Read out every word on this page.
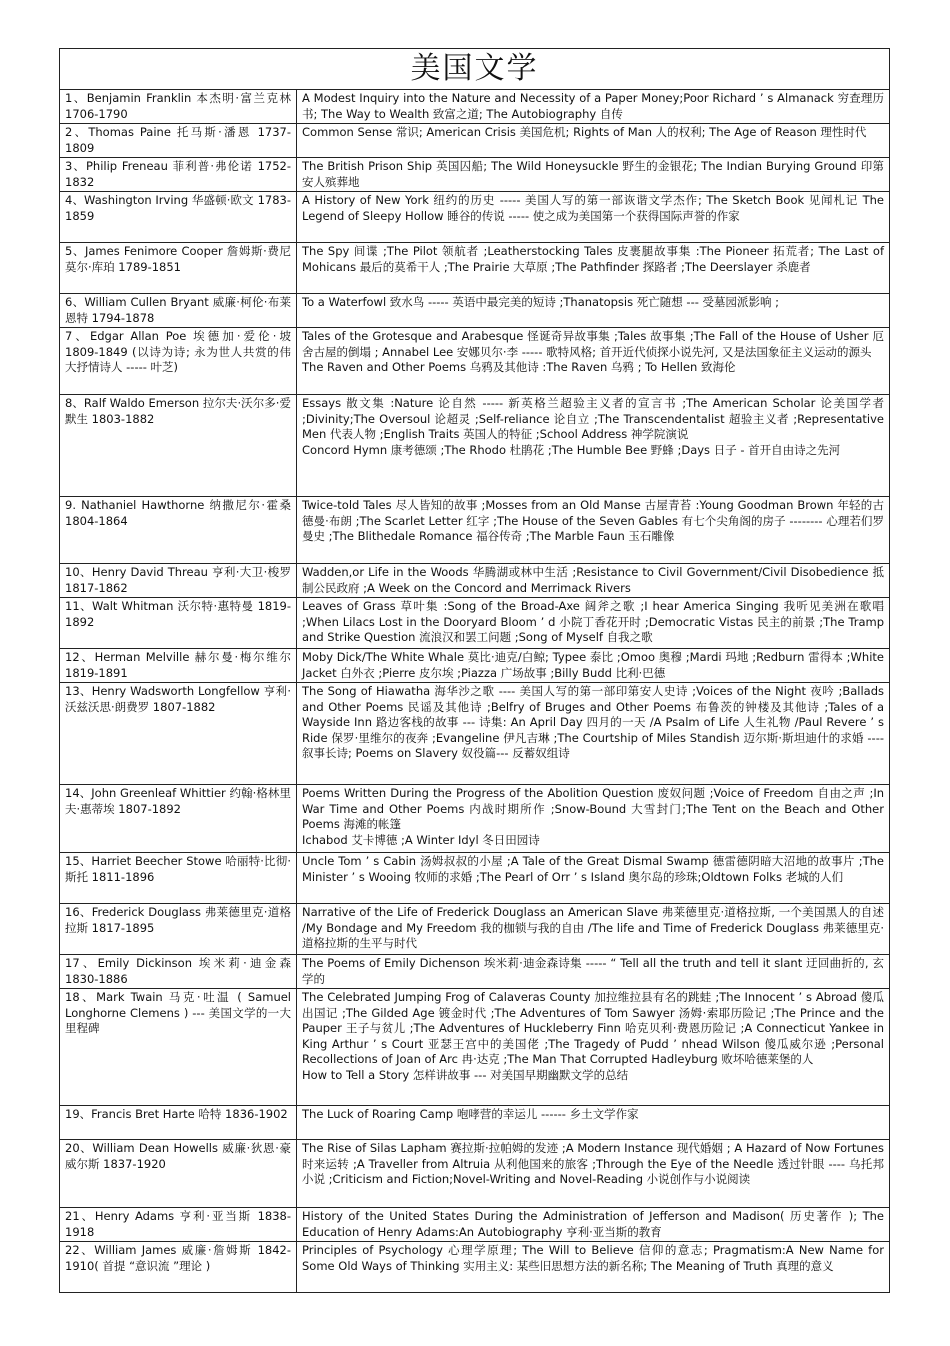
美国文学
1、Benjamin Franklin 本杰明·富兰克林 1706-1790	A Modest Inquiry into the Nature and Necessity of a Paper Money;Poor Richard ’ s Almanack 穷查理历书; The Way to Wealth 致富之道; The Autobiography 自传

2、Thomas Paine 托马斯·潘恩 1737-1809	Common Sense 常识; American Crisis 美国危机; Rights of Man 人的权利; The Age of Reason 理性时代

3、Philip Freneau 菲利普·弗伦诺 1752-1832	The British Prison Ship 英国囚船; The Wild Honeysuckle 野生的金银花; The Indian Burying Ground 印第安人殡葬地

4、Washington Irving 华盛顿·欧文 1783-1859	A History of New York 纽约的历史 ----- 美国人写的第一部诙谐文学杰作; The Sketch Book 见闻札记 The Legend of Sleepy Hollow 睡谷的传说 ----- 使之成为美国第一个获得国际声誉的作家

5、James Fenimore Cooper 詹姆斯·费尼莫尔·库珀 1789-1851	The Spy 间谍 ;The Pilot 领航者 ;Leatherstocking Tales 皮裹腿故事集 :The Pioneer 拓荒者; The Last of Mohicans 最后的莫希干人 ;The Prairie 大草原 ;The Pathfinder 探路者 ;The Deerslayer 杀鹿者

6、William Cullen Bryant 威廉·柯伦·布莱恩特 1794-1878	To a Waterfowl 致水鸟 ----- 英语中最完美的短诗 ;Thanatopsis 死亡随想 --- 受墓园派影响 ;

7、Edgar Allan Poe 埃德加·爱伦·坡 1809-1849 (以诗为诗; 永为世人共赏的伟大抒情诗人 ----- 叶芝)	Tales of the Grotesque and Arabesque 怪诞奇异故事集 ;Tales 故事集 ;The Fall of the House of Usher 厄舍古屋的倒塌 ; Annabel Lee 安娜贝尔·李 ----- 歌特风格; 首开近代侦探小说先河, 又是法国象征主义运动的源头
The Raven and Other Poems 乌鸦及其他诗 :The Raven 乌鸦 ; To Hellen 致海伦

8、Ralf Waldo Emerson 拉尔夫·沃尔多·爱默生 1803-1882	Essays 散文集 :Nature 论自然 ----- 新英格兰超验主义者的宣言书 ;The American Scholar 论美国学者 ;Divinity;The Oversoul 论超灵 ;Self-reliance 论自立 ;The Transcendentalist 超验主义者 ;Representative Men 代表人物 ;English Traits 英国人的特征 ;School Address 神学院演说
Concord Hymn 康考德颂 ;The Rhodo 杜鹃花 ;The Humble Bee 野蜂 ;Days 日子 - 首开自由诗之先河

9. Nathaniel Hawthorne 纳撒尼尔·霍桑 1804-1864	Twice-told Tales 尽人皆知的故事 ;Mosses from an Old Manse 古屋青苔 :Young Goodman Brown 年轻的古德曼·布朗 ;The Scarlet Letter 红字 ;The House of the Seven Gables 有七个尖角阁的房子 -------- 心理若们罗曼史 ;The Blithedale Romance 福谷传奇 ;The Marble Faun 玉石雕像

10、Henry David Threau 亨利·大卫·梭罗 1817-1862	Wadden,or Life in the Woods 华腾湖或林中生活 ;Resistance to Civil Government/Civil Disobedience 抵制公民政府 ;A Week on the Concord and Merrimack Rivers

11、Walt Whitman 沃尔特·惠特曼 1819-1892	Leaves of Grass 草叶集 :Song of the Broad-Axe 阔斧之歌 ;I hear America Singing 我听见美洲在歌唱 ;When Lilacs Lost in the Dooryard Bloom ’ d 小院丁香花开时 ;Democratic Vistas 民主的前景 ;The Tramp and Strike Question 流浪汉和罢工问题 ;Song of Myself 自我之歌

12、Herman Melville 赫尔曼·梅尔维尔 1819-1891	Moby Dick/The White Whale 莫比·迪克/白鲸; Typee 泰比 ;Omoo 奥穆 ;Mardi 玛地 ;Redburn 雷得本 ;White Jacket 白外衣 ;Pierre 皮尔埃 ;Piazza 广场故事 ;Billy Budd 比利·巴德

13、Henry Wadsworth Longfellow 亨利·沃兹沃思·朗费罗 1807-1882	The Song of Hiawatha 海华沙之歌 ---- 美国人写的第一部印第安人史诗 ;Voices of the Night 夜吟 ;Ballads and Other Poems 民谣及其他诗 ;Belfry of Bruges and Other Poems 布鲁茨的钟楼及其他诗 ;Tales of a Wayside Inn 路边客栈的故事 --- 诗集: An April Day 四月的一天 /A Psalm of Life 人生礼物 /Paul Revere ’ s Ride 保罗·里维尔的夜奔 ;Evangeline 伊凡吉琳 ;The Courtship of Miles Standish 迈尔斯·斯坦迪什的求婚 ---- 叙事长诗; Poems on Slavery 奴役篇--- 反蓄奴组诗

14、John Greenleaf Whittier 约翰·格林里夫·惠蒂埃 1807-1892	Poems Written During the Progress of the Abolition Question 废奴问题 ;Voice of Freedom 自由之声 ;In War Time and Other Poems 内战时期所作 ;Snow-Bound 大雪封门;The Tent on the Beach and Other Poems 海滩的帐篷
Ichabod 艾卡博德 ;A Winter Idyl 冬日田园诗

15、Harriet Beecher Stowe 哈丽特·比彻·斯托 1811-1896	Uncle Tom ’ s Cabin 汤姆叔叔的小屋 ;A Tale of the Great Dismal Swamp 德雷德阴暗大沼地的故事片 ;The Minister ’ s Wooing 牧师的求婚 ;The Pearl of Orr ’ s Island 奥尔岛的珍珠;Oldtown Folks 老城的人们

16、Frederick Douglass 弗莱德里克·道格拉斯 1817-1895	Narrative of the Life of Frederick Douglass an American Slave 弗莱德里克·道格拉斯, 一个美国黑人的自述 /My Bondage and My Freedom 我的枷锁与我的自由 /The life and Time of Frederick Douglass 弗莱德里克·道格拉斯的生平与时代

17、Emily Dickinson 埃米莉·迪金森 1830-1886	The Poems of Emily Dichenson 埃米莉·迪金森诗集 ----- “ Tell all the truth and tell it slant 迂回曲折的, 玄学的

18、Mark Twain 马克·吐温 ( Samuel Longhorne Clemens ) --- 美国文学的一大里程碑	The Celebrated Jumping Frog of Calaveras County 加拉维拉县有名的跳蛙 ;The Innocent ’ s Abroad 傻瓜出国记 ;The Gilded Age 镀金时代 ;The Adventures of Tom Sawyer 汤姆·索耶历险记 ;The Prince and the Pauper 王子与贫儿 ;The Adventures of Huckleberry Finn 哈克贝利·费恩历险记 ;A Connecticut Yankee in King Arthur ’ s Court 亚瑟王宫中的美国佬 ;The Tragedy of Pudd ’ nhead Wilson 傻瓜威尔逊 ;Personal Recollections of Joan of Arc 冉·达克 ;The Man That Corrupted Hadleyburg 败坏哈德莱堡的人
How to Tell a Story 怎样讲故事 --- 对美国早期幽默文学的总结

19、Francis Bret Harte 哈特 1836-1902	The Luck of Roaring Camp 咆哮营的幸运儿 ------ 乡土文学作家

20、William Dean Howells 威廉·狄恩·豪威尔斯 1837-1920	The Rise of Silas Lapham 赛拉斯·拉帕姆的发迹 ;A Modern Instance 现代婚姻 ; A Hazard of Now Fortunes 时来运转 ;A Traveller from Altruia 从利他国来的旅客 ;Through the Eye of the Needle 透过针眼 ---- 乌托邦小说 ;Criticism and Fiction;Novel-Writing and Novel-Reading 小说创作与小说阅读

21、Henry Adams 亨利·亚当斯 1838-1918	History of the United States During the Administration of Jefferson and Madison( 历史著作 ); The Education of Henry Adams:An Autobiography 亨利·亚当斯的教育

22、William James 威廉·詹姆斯 1842-1910( 首提 “意识流 ”理论 )	Principles of Psychology 心理学原理; The Will to Believe 信仰的意志; Pragmatism:A New Name for Some Old Ways of Thinking 实用主义: 某些旧思想方法的新名称; The Meaning of Truth 真理的意义
